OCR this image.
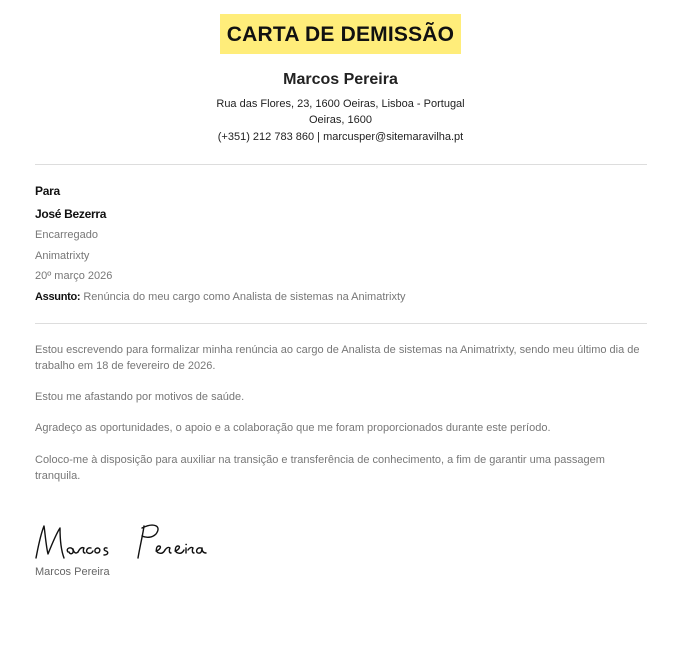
CARTA DE DEMISSÃO
Marcos Pereira
Rua das Flores, 23, 1600 Oeiras, Lisboa - Portugal
Oeiras, 1600
(+351) 212 783 860 | marcusper@sitemaravilha.pt
Para
José Bezerra
Encarregado
Animatrixty
20º março 2026
Assunto: Renúncia do meu cargo como Analista de sistemas na Animatrixty
Estou escrevendo para formalizar minha renúncia ao cargo de Analista de sistemas na Animatrixty, sendo meu último dia de trabalho em 18 de fevereiro de 2026.
Estou me afastando por motivos de saúde.
Agradeço as oportunidades, o apoio e a colaboração que me foram proporcionados durante este período.
Coloco-me à disposição para auxiliar na transição e transferência de conhecimento, a fim de garantir uma passagem tranquila.
Marcos Pereira
